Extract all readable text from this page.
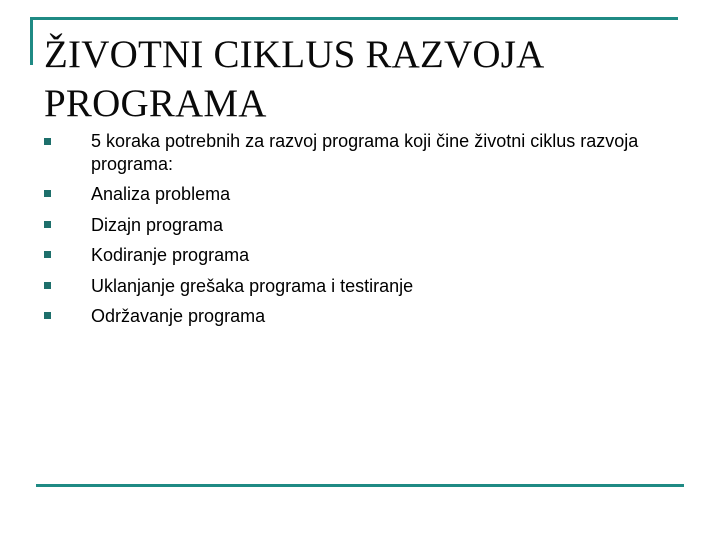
ŽIVOTNI CIKLUS RAZVOJA
PROGRAMA
5 koraka potrebnih za razvoj programa koji čine životni ciklus razvoja programa:
Analiza problema
Dizajn programa
Kodiranje programa
Uklanjanje grešaka programa i testiranje
Održavanje programa
